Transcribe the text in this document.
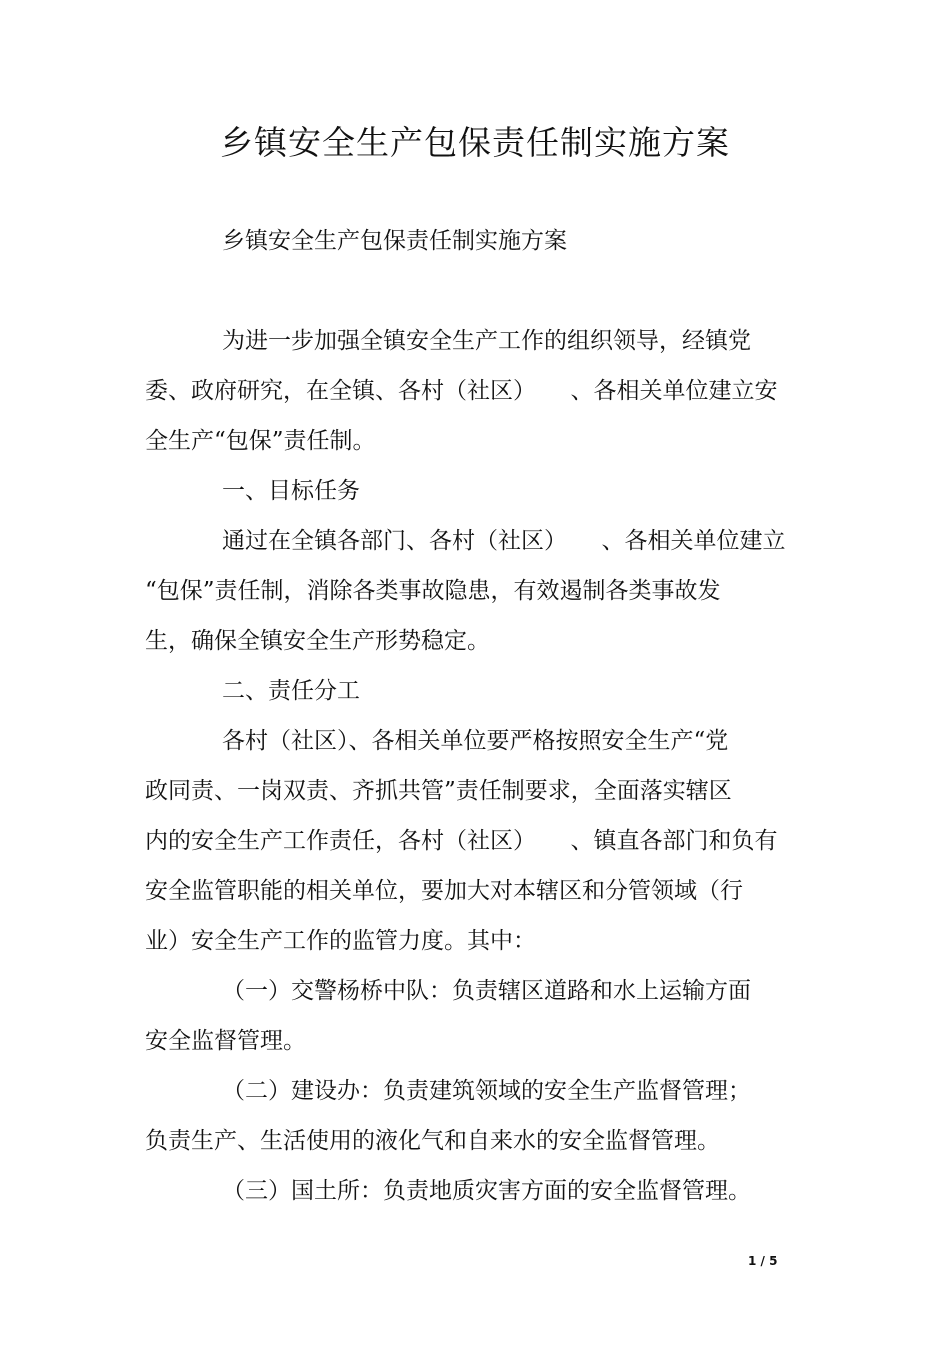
乡镇安全生产包保责任制实施方案
乡镇安全生产包保责任制实施方案
为进一步加强全镇安全生产工作的组织领导，经镇党
委、政府研究，在全镇、各村（社区）　　、各相关单位建立安
全生产“包保”责任制。
一、目标任务
通过在全镇各部门、各村（社区）　　、各相关单位建立
“包保”责任制，消除各类事故隐患，有效遏制各类事故发
生，确保全镇安全生产形势稳定。
二、责任分工
各村（社区）、各相关单位要严格按照安全生产“党
政同责、一岗双责、齐抓共管”责任制要求，全面落实辖区
内的安全生产工作责任，各村（社区）　　、镇直各部门和负有
安全监管职能的相关单位，要加大对本辖区和分管领域（行
业）安全生产工作的监管力度。其中：
（一）交警杨桥中队：负责辖区道路和水上运输方面
安全监督管理。
（二）建设办：负责建筑领域的安全生产监督管理；
负责生产、生活使用的液化气和自来水的安全监督管理。
（三）国土所：负责地质灾害方面的安全监督管理。
1 / 5
